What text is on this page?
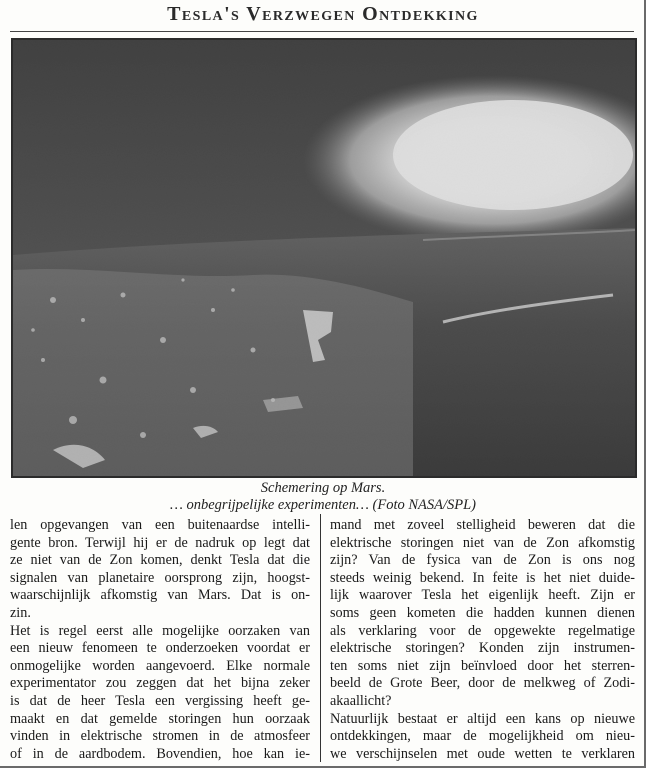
Tesla's Verzwegen Ontdekking
Schemering op Mars.
… onbegrijpelijke experimenten… (Foto NASA/SPL)
len opgevangen van een buitenaardse intelli-
gente bron. Terwijl hij er de nadruk op legt dat
ze niet van de Zon komen, denkt Tesla dat die
signalen van planetaire oorsprong zijn, hoogst-
waarschijnlijk afkomstig van Mars. Dat is on-
zin.
Het is regel eerst alle mogelijke oorzaken van
een nieuw fenomeen te onderzoeken voordat er
onmogelijke worden aangevoerd. Elke normale
experimentator zou zeggen dat het bijna zeker
is dat de heer Tesla een vergissing heeft ge-
maakt en dat gemelde storingen hun oorzaak
vinden in elektrische stromen in de atmosfeer
of in de aardbodem. Bovendien, hoe kan ie-
mand met zoveel stelligheid beweren dat die
elektrische storingen niet van de Zon afkomstig
zijn? Van de fysica van de Zon is ons nog
steeds weinig bekend. In feite is het niet duide-
lijk waarover Tesla het eigenlijk heeft. Zijn er
soms geen kometen die hadden kunnen dienen
als verklaring voor de opgewekte regelmatige
elektrische storingen? Konden zijn instrumen-
ten soms niet zijn beïnvloed door het sterren-
beeld de Grote Beer, door de melkweg of Zodi-
akaallicht?
Natuurlijk bestaat er altijd een kans op nieuwe
ontdekkingen, maar de mogelijkheid om nieu-
we verschijnselen met oude wetten te verklaren
